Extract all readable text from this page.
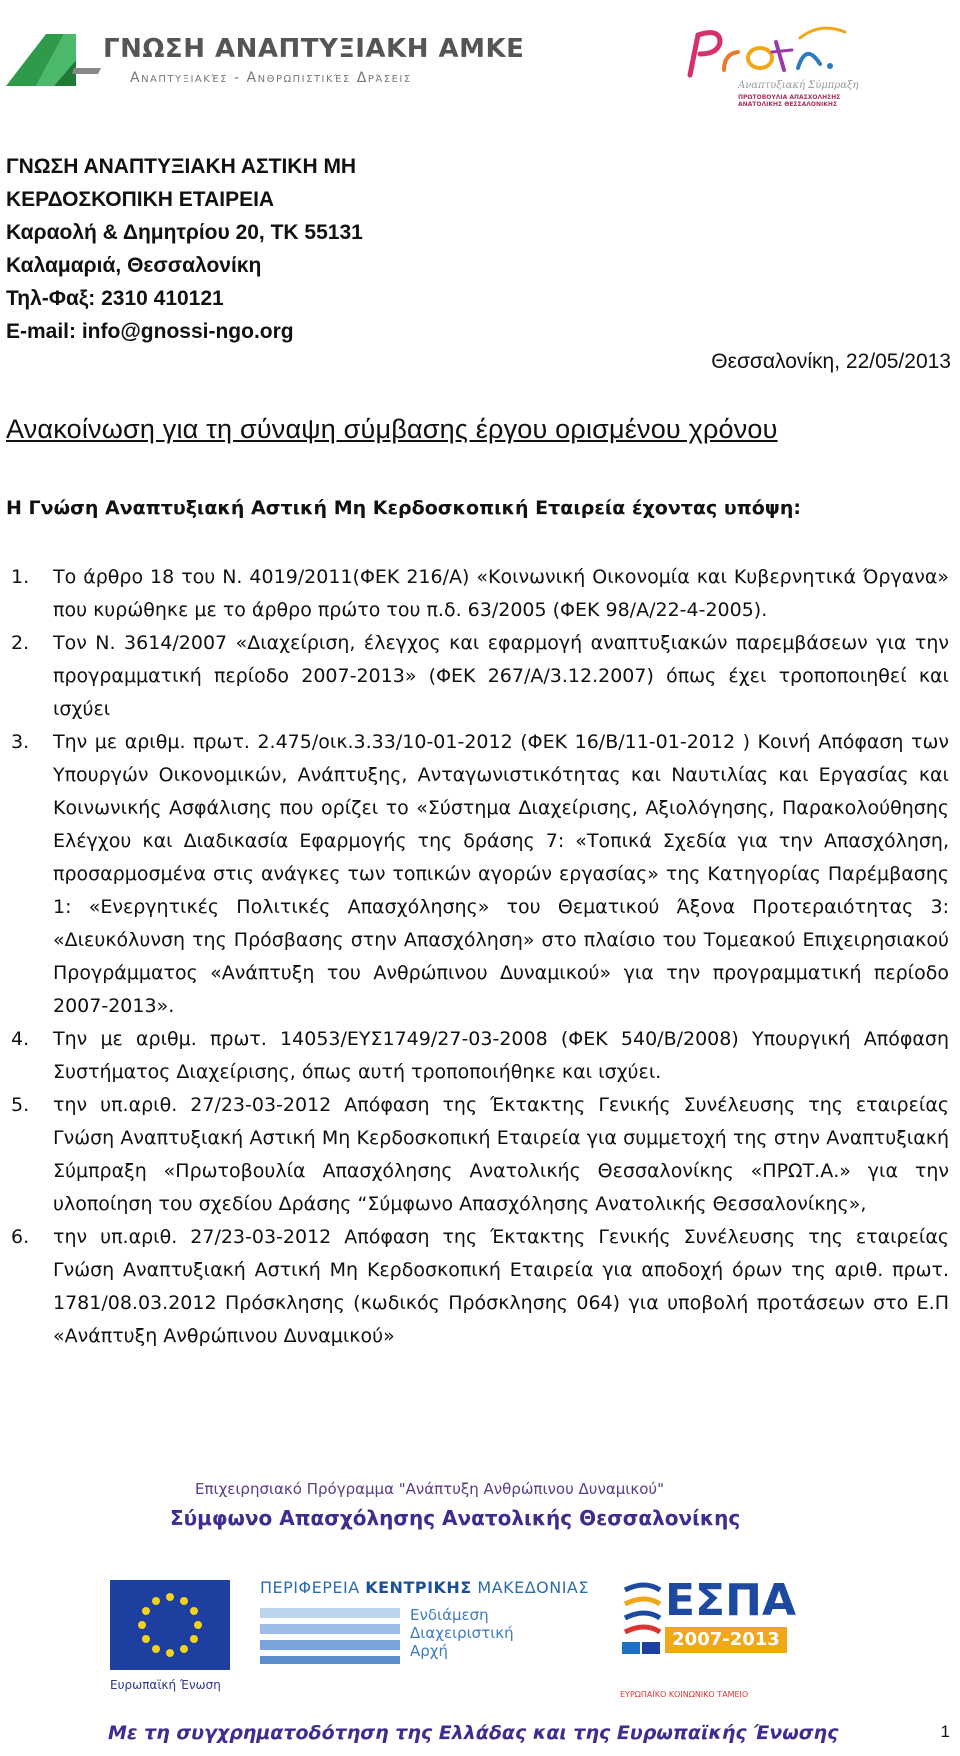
ΓΝΩΣΗ ΑΝΑΠΤΥΞΙΑΚΗ ΑΜΚΕ
Αναπτυξιακές - Ανθρωπιστικές Δράσεις	Αναπτυξιακή Σύμπραξη
ΠΡΩΤΟΒΟΥΛΙΑ ΑΠΑΣΧΟΛΗΣΗΣ ΑΝΑΤΟΛΙΚΗΣ ΘΕΣΣΑΛΟΝΙΚΗΣ
ΓΝΩΣΗ ΑΝΑΠΤΥΞΙΑΚΗ ΑΣΤΙΚΗ ΜΗ
ΚΕΡΔΟΣΚΟΠΙΚΗ ΕΤΑΙΡΕΙΑ
Καραολή & Δημητρίου 20, ΤΚ 55131
Καλαμαριά, Θεσσαλονίκη
Τηλ-Φαξ: 2310 410121
E-mail: info@gnossi-ngo.org
Θεσσαλονίκη, 22/05/2013
Ανακοίνωση για τη σύναψη σύμβασης έργου ορισμένου χρόνου
Η Γνώση Αναπτυξιακή Αστική Μη Κερδοσκοπική Εταιρεία έχοντας υπόψη:
1. Το άρθρο 18 του Ν. 4019/2011(ΦΕΚ 216/Α) «Κοινωνική Οικονομία και Κυβερνητικά Όργανα» που κυρώθηκε με το άρθρο πρώτο του π.δ. 63/2005 (ΦΕΚ 98/Α/22-4-2005).
2. Τον Ν. 3614/2007 «Διαχείριση, έλεγχος και εφαρμογή αναπτυξιακών παρεμβάσεων για την προγραμματική περίοδο 2007-2013» (ΦΕΚ 267/Α/3.12.2007) όπως έχει τροποποιηθεί και ισχύει
3. Την με αριθμ. πρωτ. 2.475/οικ.3.33/10-01-2012 (ΦΕΚ 16/Β/11-01-2012 ) Κοινή Απόφαση των Υπουργών Οικονομικών, Ανάπτυξης, Ανταγωνιστικότητας και Ναυτιλίας και Εργασίας και Κοινωνικής Ασφάλισης που ορίζει το «Σύστημα Διαχείρισης, Αξιολόγησης, Παρακολούθησης Ελέγχου και Διαδικασία Εφαρμογής της δράσης 7: «Τοπικά Σχεδία για την Απασχόληση, προσαρμοσμένα στις ανάγκες των τοπικών αγορών εργασίας» της Κατηγορίας Παρέμβασης 1: «Ενεργητικές Πολιτικές Απασχόλησης» του Θεματικού Άξονα Προτεραιότητας 3: «Διευκόλυνση της Πρόσβασης στην Απασχόληση» στο πλαίσιο του Τομεακού Επιχειρησιακού Προγράμματος «Ανάπτυξη του Ανθρώπινου Δυναμικού» για την προγραμματική περίοδο 2007-2013».
4. Την με αριθμ. πρωτ. 14053/ΕΥΣ1749/27-03-2008 (ΦΕΚ 540/Β/2008) Υπουργική Απόφαση Συστήματος Διαχείρισης, όπως αυτή τροποποιήθηκε και ισχύει.
5. την υπ.αριθ. 27/23-03-2012 Απόφαση της Έκτακτης Γενικής Συνέλευσης της εταιρείας Γνώση Αναπτυξιακή Αστική Μη Κερδοσκοπική Εταιρεία για συμμετοχή της στην Αναπτυξιακή Σύμπραξη «Πρωτοβουλία Απασχόλησης Ανατολικής Θεσσαλονίκης «ΠΡΩΤ.Α.» για την υλοποίηση του σχεδίου Δράσης “Σύμφωνο Απασχόλησης Ανατολικής Θεσσαλονίκης»,
6. την υπ.αριθ. 27/23-03-2012 Απόφαση της Έκτακτης Γενικής Συνέλευσης της εταιρείας Γνώση Αναπτυξιακή Αστική Μη Κερδοσκοπική Εταιρεία για αποδοχή όρων της αριθ. πρωτ. 1781/08.03.2012 Πρόσκλησης (κωδικός Πρόσκλησης 064) για υποβολή προτάσεων στο Ε.Π «Ανάπτυξη Ανθρώπινου Δυναμικού»
Επιχειρησιακό Πρόγραμμα "Ανάπτυξη Ανθρώπινου Δυναμικού"
Σύμφωνο Απασχόλησης Ανατολικής Θεσσαλονίκης
Ευρωπαϊκή Ένωση
ΠΕΡΙΦΕΡΕΙΑ ΚΕΝΤΡΙΚΗΣ ΜΑΚΕΔΟΝΙΑΣ
Ενδιάμεση
Διαχειριστική
Αρχή
ΕΣΠΑ
2007-2013
ΕΥΡΩΠΑΪΚΟ ΚΟΙΝΩΝΙΚΟ ΤΑΜΕΙΟ
Με τη συγχρηματοδότηση της Ελλάδας και της Ευρωπαϊκής Ένωσης	1
